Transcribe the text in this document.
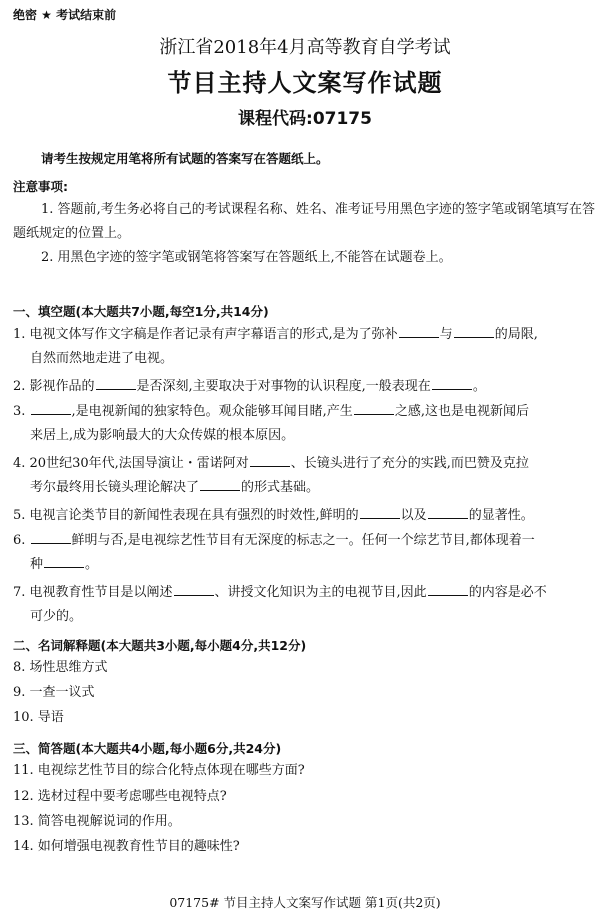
绝密 ★ 考试结束前
浙江省2018年4月高等教育自学考试
节目主持人文案写作试题
课程代码:07175
请考生按规定用笔将所有试题的答案写在答题纸上。
注意事项:
1. 答题前,考生务必将自己的考试课程名称、姓名、准考证号用黑色字迹的签字笔或钢笔填写在答题纸规定的位置上。
2. 用黑色字迹的签字笔或钢笔将答案写在答题纸上,不能答在试题卷上。
一、填空题(本大题共7小题,每空1分,共14分)
1. 电视文体写作文字稿是作者记录有声字幕语言的形式,是为了弥补	与	的局限,
自然而然地走进了电视。
2. 影视作品的	是否深刻,主要取决于对事物的认识程度,一般表现在	。
3.	,是电视新闻的独家特色。观众能够耳闻目睹,产生	之感,这也是电视新闻后
来居上,成为影响最大的大众传媒的根本原因。
4. 20世纪30年代,法国导演让・雷诺阿对	、长镜头进行了充分的实践,而巴赞及克拉
考尔最终用长镜头理论解决了	的形式基础。
5. 电视言论类节目的新闻性表现在具有强烈的时效性,鲜明的	以及	的显著性。
6.	鲜明与否,是电视综艺性节目有无深度的标志之一。任何一个综艺节目,都体现着一
种	。
7. 电视教育性节目是以阐述	、讲授文化知识为主的电视节目,因此	的内容是必不
可少的。
二、名词解释题(本大题共3小题,每小题4分,共12分)
8. 场性思维方式
9. 一查一议式
10. 导语
三、简答题(本大题共4小题,每小题6分,共24分)
11. 电视综艺性节目的综合化特点体现在哪些方面?
12. 选材过程中要考虑哪些电视特点?
13. 简答电视解说词的作用。
14. 如何增强电视教育性节目的趣味性?
07175# 节目主持人文案写作试题 第1页(共2页)
